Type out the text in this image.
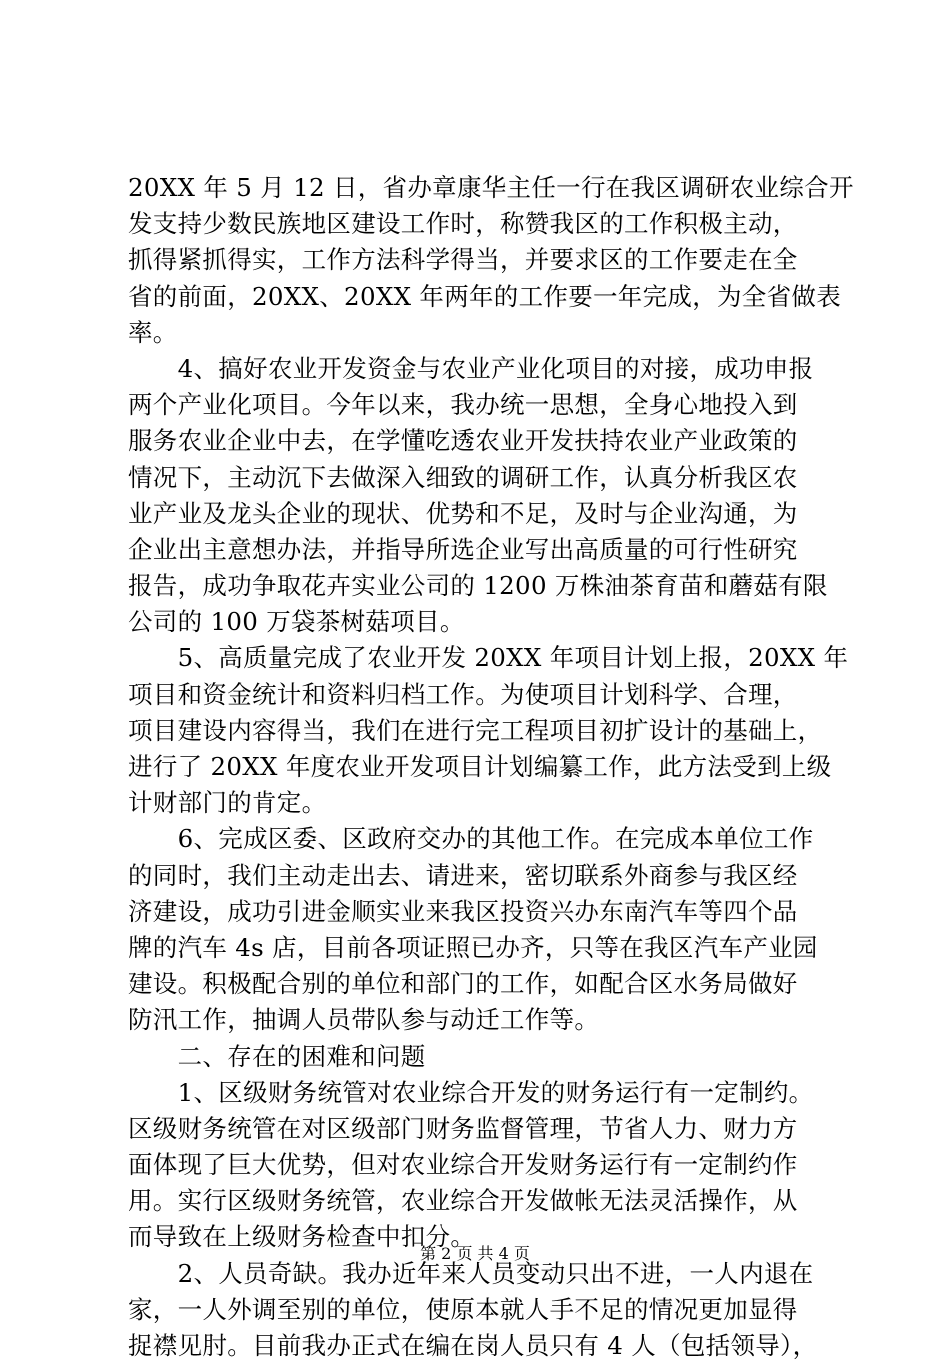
20XX 年 5 月 12 日，省办章康华主任一行在我区调研农业综合开
发支持少数民族地区建设工作时，称赞我区的工作积极主动，
抓得紧抓得实，工作方法科学得当，并要求区的工作要走在全
省的前面，20XX、20XX 年两年的工作要一年完成，为全省做表
率。
　　4、搞好农业开发资金与农业产业化项目的对接，成功申报
两个产业化项目。今年以来，我办统一思想，全身心地投入到
服务农业企业中去，在学懂吃透农业开发扶持农业产业政策的
情况下，主动沉下去做深入细致的调研工作，认真分析我区农
业产业及龙头企业的现状、优势和不足，及时与企业沟通，为
企业出主意想办法，并指导所选企业写出高质量的可行性研究
报告，成功争取花卉实业公司的 1200 万株油茶育苗和蘑菇有限
公司的 100 万袋茶树菇项目。
　　5、高质量完成了农业开发 20XX 年项目计划上报，20XX 年
项目和资金统计和资料归档工作。为使项目计划科学、合理，
项目建设内容得当，我们在进行完工程项目初扩设计的基础上，
进行了 20XX 年度农业开发项目计划编纂工作，此方法受到上级
计财部门的肯定。
　　6、完成区委、区政府交办的其他工作。在完成本单位工作
的同时，我们主动走出去、请进来，密切联系外商参与我区经
济建设，成功引进金顺实业来我区投资兴办东南汽车等四个品
牌的汽车 4s 店，目前各项证照已办齐，只等在我区汽车产业园
建设。积极配合别的单位和部门的工作，如配合区水务局做好
防汛工作，抽调人员带队参与动迁工作等。
　　二、存在的困难和问题
　　1、区级财务统管对农业综合开发的财务运行有一定制约。
区级财务统管在对区级部门财务监督管理，节省人力、财力方
面体现了巨大优势，但对农业综合开发财务运行有一定制约作
用。实行区级财务统管，农业综合开发做帐无法灵活操作，从
而导致在上级财务检查中扣分。
　　2、人员奇缺。我办近年来人员变动只出不进，一人内退在
家，一人外调至别的单位，使原本就人手不足的情况更加显得
捉襟见肘。目前我办正式在编在岗人员只有 4 人（包括领导），
第 2 页 共 4 页
